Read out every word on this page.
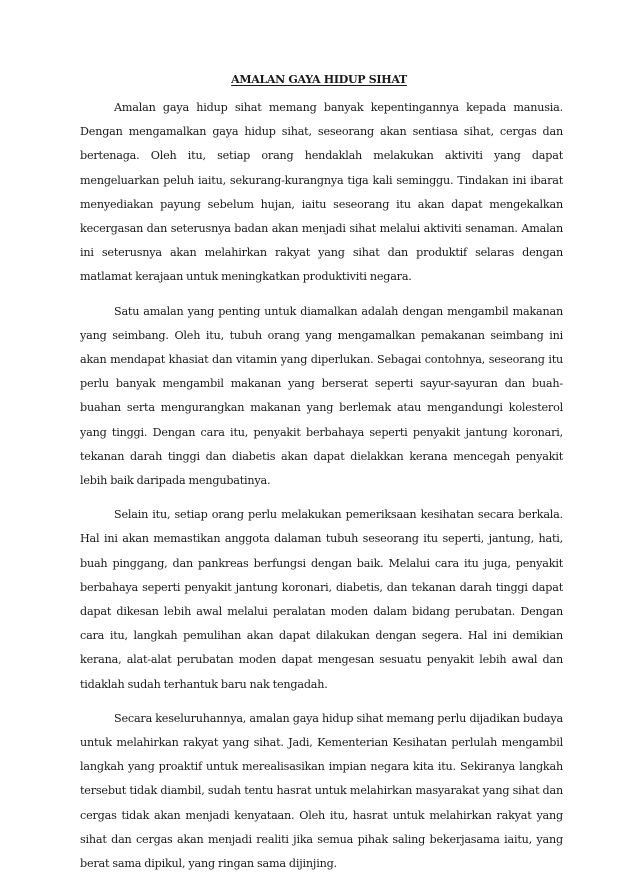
AMALAN GAYA HIDUP SIHAT

Amalan gaya hidup sihat memang banyak kepentingannya kepada manusia. Dengan mengamalkan gaya hidup sihat, seseorang akan sentiasa sihat, cergas dan bertenaga. Oleh itu, setiap orang hendaklah melakukan aktiviti yang dapat mengeluarkan peluh iaitu, sekurang-kurangnya tiga kali seminggu. Tindakan ini ibarat menyediakan payung sebelum hujan, iaitu seseorang itu akan dapat mengekalkan kecergasan dan seterusnya badan akan menjadi sihat melalui aktiviti senaman. Amalan ini seterusnya akan melahirkan rakyat yang sihat dan produktif selaras dengan matlamat kerajaan untuk meningkatkan produktiviti negara.

Satu amalan yang penting untuk diamalkan adalah dengan mengambil makanan yang seimbang. Oleh itu, tubuh orang yang mengamalkan pemakanan seimbang ini akan mendapat khasiat dan vitamin yang diperlukan. Sebagai contohnya, seseorang itu perlu banyak mengambil makanan yang berserat seperti sayur-sayuran dan buah-buahan serta mengurangkan makanan yang berlemak atau mengandungi kolesterol yang tinggi. Dengan cara itu, penyakit berbahaya seperti penyakit jantung koronari, tekanan darah tinggi dan diabetis akan dapat dielakkan kerana mencegah penyakit lebih baik daripada mengubatinya.

Selain itu, setiap orang perlu melakukan pemeriksaan kesihatan secara berkala. Hal ini akan memastikan anggota dalaman tubuh seseorang itu seperti, jantung, hati, buah pinggang, dan pankreas berfungsi dengan baik. Melalui cara itu juga, penyakit berbahaya seperti penyakit jantung koronari, diabetis, dan tekanan darah tinggi dapat dapat dikesan lebih awal melalui peralatan moden dalam bidang perubatan. Dengan cara itu, langkah pemulihan akan dapat dilakukan dengan segera. Hal ini demikian kerana, alat-alat perubatan moden dapat mengesan sesuatu penyakit lebih awal dan tidaklah sudah terhantuk baru nak tengadah.

Secara keseluruhannya, amalan gaya hidup sihat memang perlu dijadikan budaya untuk melahirkan rakyat yang sihat. Jadi, Kementerian Kesihatan perlulah mengambil langkah yang proaktif untuk merealisasikan impian negara kita itu. Sekiranya langkah tersebut tidak diambil, sudah tentu hasrat untuk melahirkan masyarakat yang sihat dan cergas tidak akan menjadi kenyataan. Oleh itu, hasrat untuk melahirkan rakyat yang sihat dan cergas akan menjadi realiti jika semua pihak saling bekerjasama iaitu, yang berat sama dipikul, yang ringan sama dijinjing.
